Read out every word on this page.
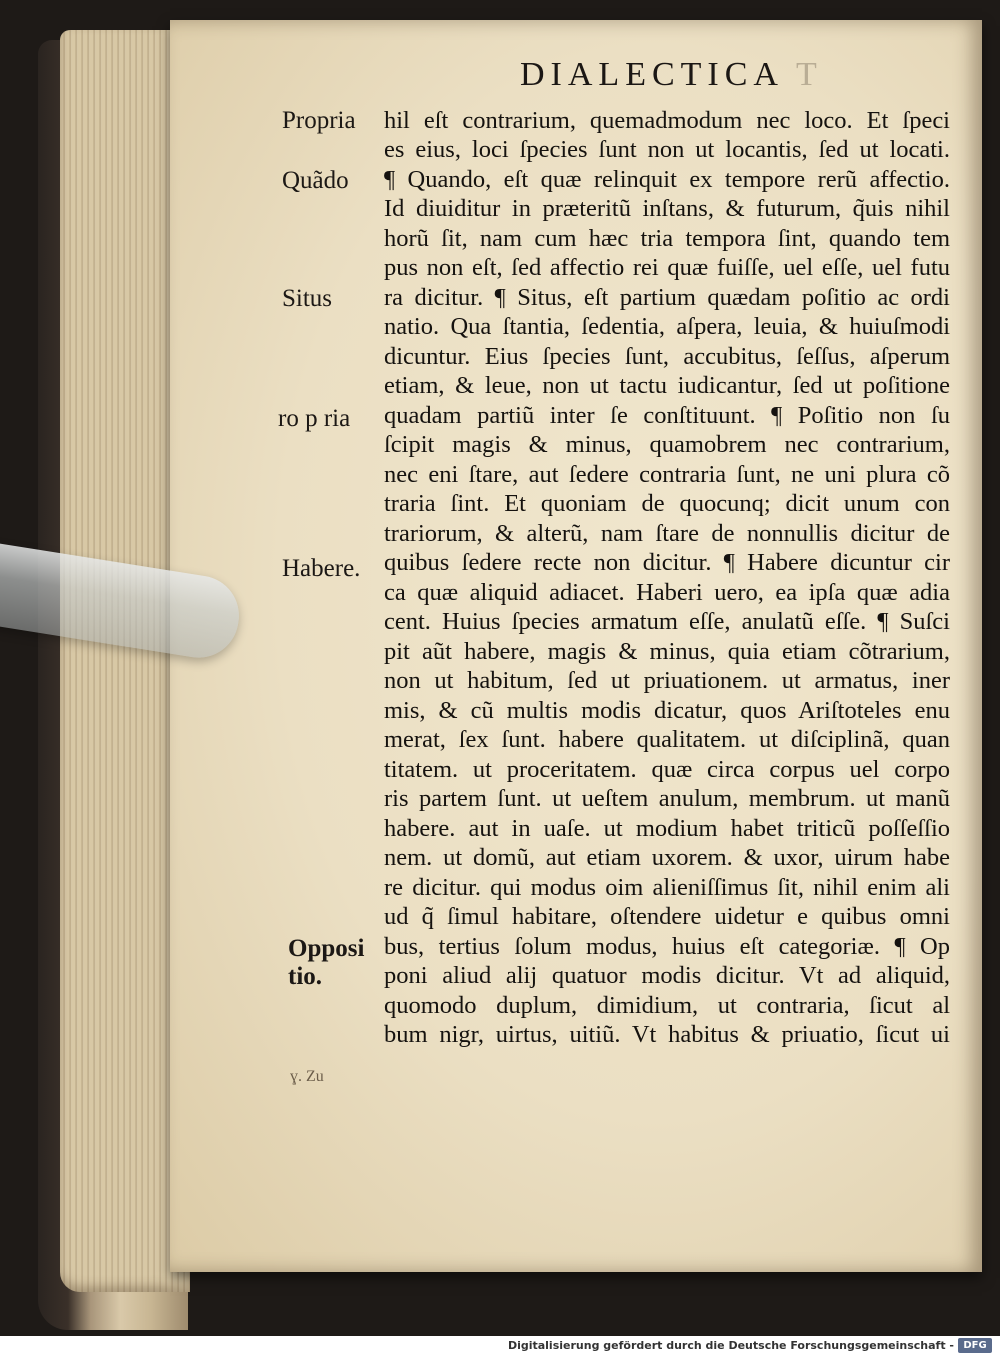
DIALECTICA T
Propria
Quãdo
Situs
ro p ria
Habere.
Opposi
tio.

hil eſt contrarium, quemadmodum nec loco. Et ſpeci

es eius, loci ſpecies ſunt non ut locantis, ſed ut locati.

¶ Quando, eſt quæ relinquit ex tempore rerũ affectio.

Id diuiditur in præteritũ inſtans, & futurum, q̃uis nihil

horũ ſit, nam cum hæc tria tempora ſint, quando tem

pus non eſt, ſed affectio rei quæ fuiſſe, uel eſſe, uel futu

ra dicitur. ¶ Situs, eſt partium quædam poſitio ac ordi

natio. Qua ſtantia, ſedentia, aſpera, leuia, & huiuſmodi

dicuntur. Eius ſpecies ſunt, accubitus, ſeſſus, aſperum

etiam, & leue, non ut tactu iudicantur, ſed ut poſitione

quadam partiũ inter ſe conſtituunt. ¶ Poſitio non ſu

ſcipit magis & minus, quamobrem nec contrarium,

nec eni ſtare, aut ſedere contraria ſunt, ne uni plura cõ

traria ſint. Et quoniam de quocunq; dicit unum con

trariorum, & alterũ, nam ſtare de nonnullis dicitur de

quibus ſedere recte non dicitur. ¶ Habere dicuntur cir

ca quæ aliquid adiacet. Haberi uero, ea ipſa quæ adia

cent. Huius ſpecies armatum eſſe, anulatũ eſſe. ¶ Suſci

pit aũt habere, magis & minus, quia etiam cõtrarium,

non ut habitum, ſed ut priuationem. ut armatus, iner

mis, & cũ multis modis dicatur, quos Ariſtoteles enu

merat, ſex ſunt. habere qualitatem. ut diſciplinã, quan

titatem. ut proceritatem. quæ circa corpus uel corpo

ris partem ſunt. ut ueſtem anulum, membrum. ut manũ

habere. aut in uaſe. ut modium habet triticũ poſſeſſio

nem. ut domũ, aut etiam uxorem. & uxor, uirum habe

re dicitur. qui modus oim alieniſſimus ſit, nihil enim ali

ud q̃ ſimul habitare, oſtendere uidetur e quibus omni

bus, tertius ſolum modus, huius eſt categoriæ. ¶ Op

poni aliud alij quatuor modis dicitur. Vt ad aliquid,

quomodo duplum, dimidium, ut contraria, ſicut al

bum nigr, uirtus, uitiũ. Vt habitus & priuatio, ſicut ui

ɣ. Zu
Digitalisierung gefördert durch die Deutsche Forschungsgemeinschaft - DFG
